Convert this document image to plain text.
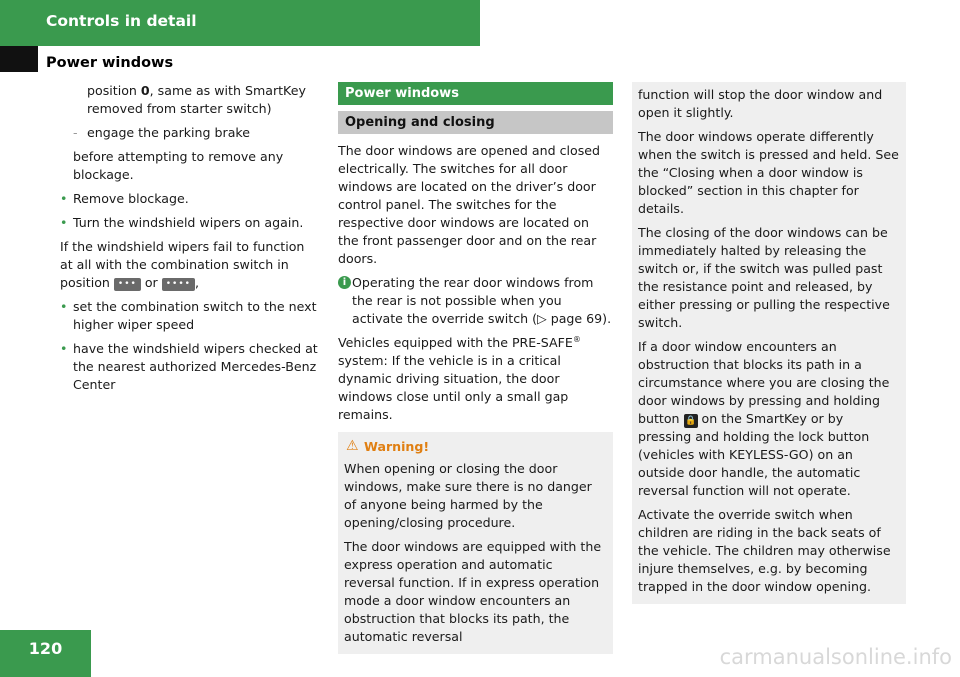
Controls in detail
Power windows

position 0, same as with SmartKey removed from starter switch)

- engage the parking brake

before attempting to remove any blockage.

• Remove blockage.

• Turn the windshield wipers on again.

If the windshield wipers fail to function at all with the combination switch in position ••• or •••• ,

• set the combination switch to the next higher wiper speed

• have the windshield wipers checked at the nearest authorized Mercedes-Benz Center

Power windows
Opening and closing

The door windows are opened and closed electrically. The switches for all door windows are located on the driver’s door control panel. The switches for the respective door windows are located on the front passenger door and on the rear doors.

i Operating the rear door windows from the rear is not possible when you activate the override switch (▷ page 69).

Vehicles equipped with the PRE-SAFE® system: If the vehicle is in a critical dynamic driving situation, the door windows close until only a small gap remains.

⚠ Warning!

When opening or closing the door windows, make sure there is no danger of anyone being harmed by the opening/closing procedure.

The door windows are equipped with the express operation and automatic reversal function. If in express operation mode a door window encounters an obstruction that blocks its path, the automatic reversal

function will stop the door window and open it slightly.

The door windows operate differently when the switch is pressed and held. See the “Closing when a door window is blocked” section in this chapter for details.

The closing of the door windows can be immediately halted by releasing the switch or, if the switch was pulled past the resistance point and released, by either pressing or pulling the respective switch.

If a door window encounters an obstruction that blocks its path in a circumstance where you are closing the door windows by pressing and holding button 🔒 on the SmartKey or by pressing and holding the lock button (vehicles with KEYLESS-GO) on an outside door handle, the automatic reversal function will not operate.

Activate the override switch when children are riding in the back seats of the vehicle. The children may otherwise injure themselves, e.g. by becoming trapped in the door window opening.

120	carmanualsonline.info
